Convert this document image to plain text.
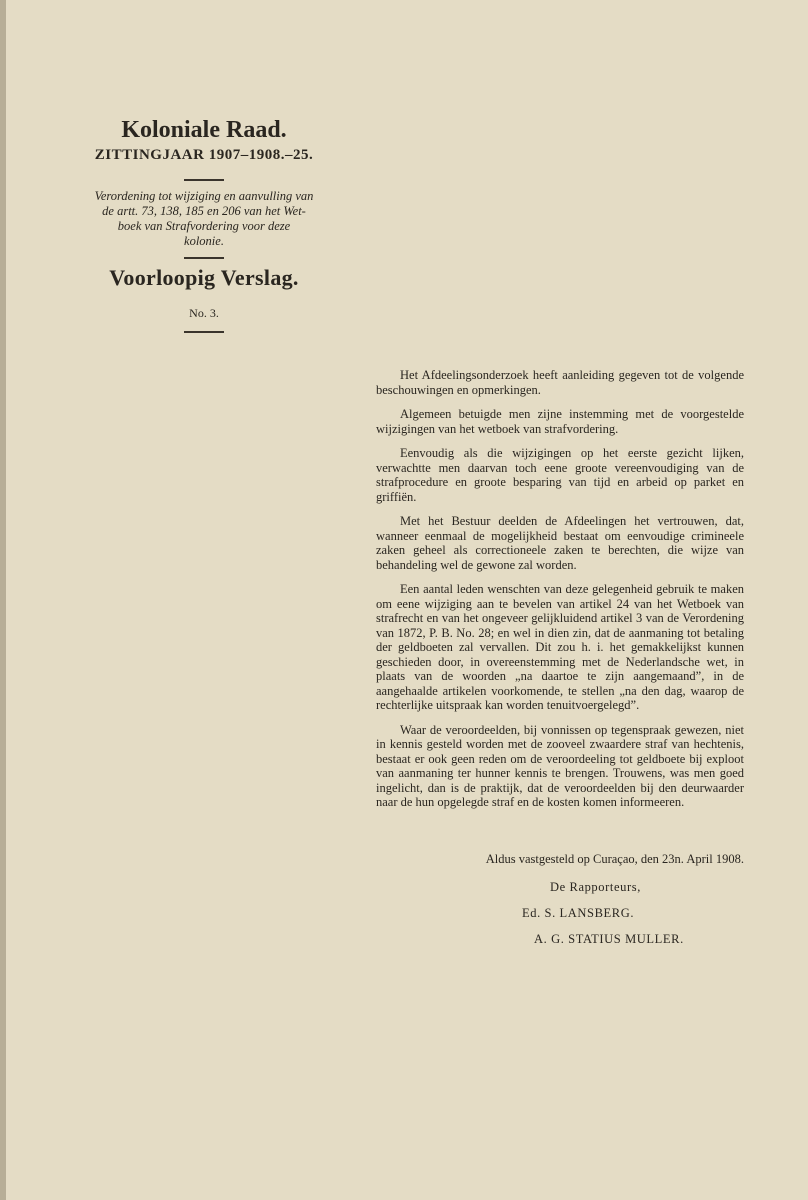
Koloniale Raad.

ZITTINGJAAR 1907–1908.–25.

Verordening tot wijziging en aanvulling van

de artt. 73, 138, 185 en 206 van het Wet-

boek van Strafvordering voor deze

kolonie.

Voorloopig Verslag.

No. 3.

Het Afdeelingsonderzoek heeft aanleiding gegeven tot de volgende beschouwingen en opmerkingen.

Algemeen betuigde men zijne instemming met de voorgestelde wijzigingen van het wetboek van strafvordering.

Eenvoudig als die wijzigingen op het eerste gezicht lijken, verwachtte men daarvan toch eene groote vereenvoudiging van de strafprocedure en groote besparing van tijd en arbeid op parket en griffiën.

Met het Bestuur deelden de Afdeelingen het vertrouwen, dat, wanneer eenmaal de mogelijkheid bestaat om eenvoudige crimineele zaken geheel als correctioneele zaken te berechten, die wijze van behandeling wel de gewone zal worden.

Een aantal leden wenschten van deze gelegenheid gebruik te maken om eene wijziging aan te bevelen van artikel 24 van het Wetboek van strafrecht en van het ongeveer gelijkluidend artikel 3 van de Verordening van 1872, P. B. No. 28; en wel in dien zin, dat de aanmaning tot betaling der geldboeten zal vervallen. Dit zou h. i. het gemakkelijkst kunnen geschieden door, in overeenstemming met de Nederlandsche wet, in plaats van de woorden „na daartoe te zijn aangemaand”, in de aangehaalde artikelen voorkomende, te stellen „na den dag, waarop de rechterlijke uitspraak kan worden tenuitvoergelegd”.

Waar de veroordeelden, bij vonnissen op tegenspraak gewezen, niet in kennis gesteld worden met de zooveel zwaardere straf van hechtenis, bestaat er ook geen reden om de veroordeeling tot geldboete bij exploot van aanmaning ter hunner kennis te brengen. Trouwens, was men goed ingelicht, dan is de praktijk, dat de veroordeelden bij den deurwaarder naar de hun opgelegde straf en de kosten komen informeeren.

Aldus vastgesteld op Curaçao, den 23n. April 1908.

De Rapporteurs,

Ed. S. LANSBERG.

A. G. STATIUS MULLER.
